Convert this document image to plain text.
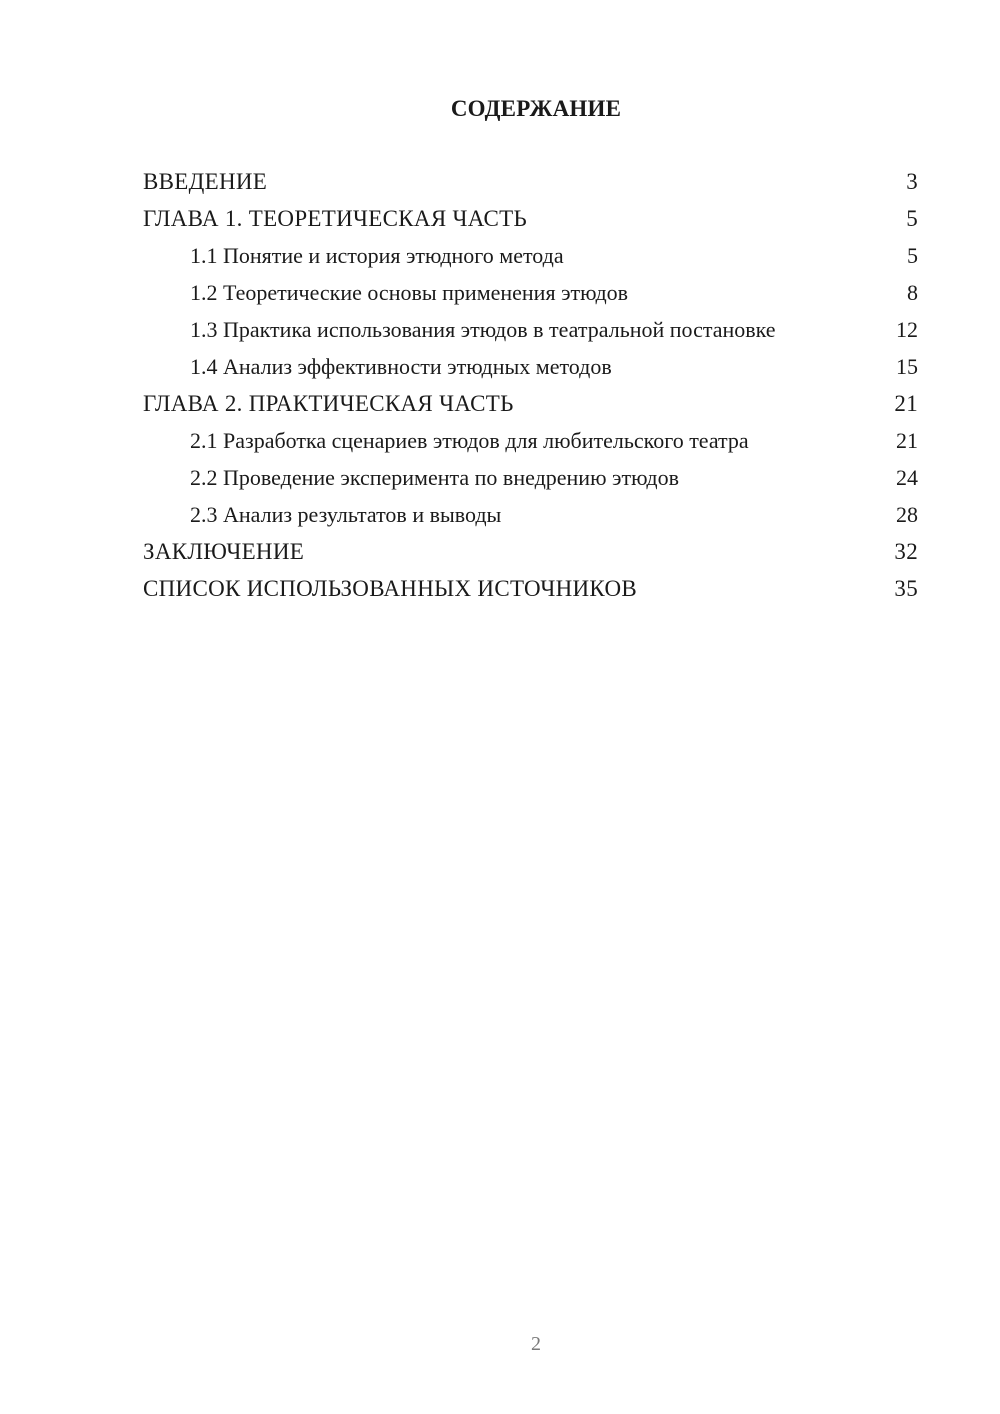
СОДЕРЖАНИЕ
ВВЕДЕНИЕ	3
ГЛАВА 1. ТЕОРЕТИЧЕСКАЯ ЧАСТЬ	5
1.1 Понятие и история этюдного метода	5
1.2 Теоретические основы применения этюдов	8
1.3 Практика использования этюдов в театральной постановке	12
1.4 Анализ эффективности этюдных методов	15
ГЛАВА 2. ПРАКТИЧЕСКАЯ ЧАСТЬ	21
2.1 Разработка сценариев этюдов для любительского театра	21
2.2 Проведение эксперимента по внедрению этюдов	24
2.3 Анализ результатов и выводы	28
ЗАКЛЮЧЕНИЕ	32
СПИСОК ИСПОЛЬЗОВАННЫХ ИСТОЧНИКОВ	35
2
